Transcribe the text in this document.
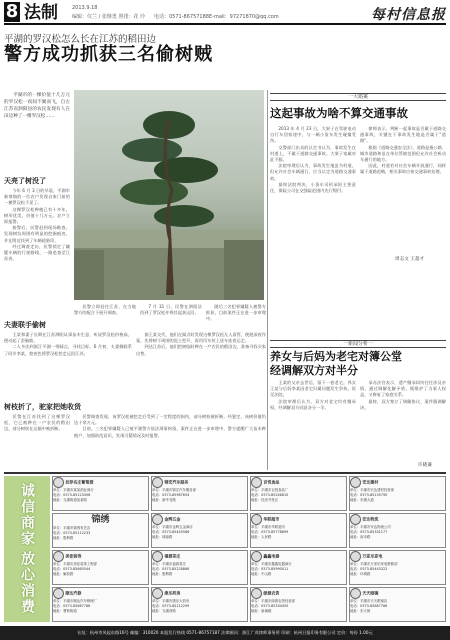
8 法制	2013.9.18
编辑：仪兰 / 张继勇 照排：花 玲 电话：0571-86757188 E-mail：97271870@qq.com	每村信息报
平湖的罗汉松怎么长在江苏的稻田边
警方成功抓获三名偷树贼

平湖市的一棵价值十几万元的罗汉松一夜间不翼而飞，自古江苏省泗阳县的农民发现有人在田边种了一棵罗汉松……

天亮了树没了

今年 6 月 3 日的早晨，平湖市新埭镇的一位农户发现自家门前的一棵罗汉松不见了。

这棵罗汉松种植已有十多年，树形优美，价值十几万元。农户立即报警。

接警后，民警赶到现场勘查，发现树坑周围有明显的挖掘痕迹，并在附近找到了车辆轮胎印。

经过调查走访，民警锁定了嫌疑车辆的行驶路线，一路追查至江苏省。

夫妻联手偷树

王某和妻子长期在江苏泗阳从事苗木生意，听说罗汉松价格高，便动起了歪脑筋。

二人多次到浙江平湖一带踩点，寻找目标。6 月初，夫妻俩联系了同乡李某，趁夜色将罗汉松挖走运回江苏。

树枝折了，驼家把她收货

民警在江苏找到了这棵罗汉松，它已被种在一户农民的稻田边，部分树枝在运输中被折断。

民警立即赶往江苏，在当地警方的配合下展开调查。

7 月 31 日，民警在泗阳县找到了罗汉松并将其起获运回。

随后三名犯罪嫌疑人被警方抓获，目前案件正在进一步审理中。

据王某交代，他们在踩点时发现这棵罗汉松无人看管，便趁深夜作案，先将树干周围的泥土挖开，再用吊车装上货车连夜运走。

到达江苏后，他们把树临时种在一户农民的稻田边，准备寻找买家出售。

民警调查发现，该罗汉松被挖走后受到了一定程度的损伤，部分树枝被折断。经鉴定，该树价值仍达十余万元。

目前，三名犯罪嫌疑人已被平湖警方依法刑事拘留，案件正在进一步审理中。警方提醒广大苗木种植户，加强防范意识，发现可疑情况及时报警。

一大婚案
这起事故为啥不算交通事故

2013 年 4 月 23 日，大果子在驾驶电动自行车回家途中，与一辆小货车发生碰撞受伤。

交警部门出具的认定书认为，事故发生在村道上，不属于道路交通事故。大果子家属对此不服。

法院审理后认为，事故发生地虽为村道，但允许社会车辆通行，应当认定为道路交通事故。

最终法院判决，小货车司机承担主要责任，保险公司在交强险范围内先行赔付。

律师表示，判断一起事故是否属于道路交通事故，关键在于事故发生地是否属于"道路"。

根据《道路交通安全法》，道路是指公路、城市道路和虽在单位管辖范围但允许社会机动车通行的地方。

因此，村道若对社会车辆开放通行，同样属于道路范畴，相关事故应按交通事故处理。

周志文 王超才
一新闻分析一
养女与后妈为老宅对簿公堂
经调解双方对半分

王某的父亲去世后，留下一套老宅。养女王某与后妈李某因老宅归属问题发生争执，诉至法院。

法院审理后认为，双方对老宅均有继承权，经调解双方同意各分一半。

承办法官表示，遗产继承纠纷往往涉及亲情，通过调解化解矛盾，既维护了当事人权益，又修复了家庭关系。

最终，双方签订了调解协议，案件圆满解决。

许晓谦
诚信商家
放心消费
拉菲名庄葡萄酒
单位：平湖市某某酒业商行
电话：0573-85123456
地址：当湖街道某某路
锦宏汽车服务
单位：平湖市锦宏汽车服务部
电话：0573-85987654
地址：新华北路
百悦食品
单位：平湖市百悦食品厂
电话：0573-85246810
地址：经济开发区
宏达建材
单位：平湖市宏达建材经营部
电话：0573-85135790
地址：东湖大道
锦绣
单位：平湖市锦绣布艺店
电话：0573-85112233
地址：胜利路
金辉五金
单位：平湖市金辉五金商店
电话：0573-85445566
地址：城南路
华联超市
单位：平湖市华联超市
电话：0573-85778899
地址：人民路
安达物流
单位：平湖市安达物流公司
电话：0573-85331177
地址：南市路
美佳装饰
单位：平湖市美佳装饰工程部
电话：0573-85665544
地址：解放路
福源茶庄
单位：平湖市福源茶庄
电话：0573-85228866
地址：胜利路
鑫鑫电器
单位：平湖市鑫鑫电器商行
电话：0573-85990011
地址：中山路
万家乐家电
单位：平湖市万家乐家电维修部
电话：0573-85443322
地址：环城路
顺达汽修
单位：平湖市顺达汽车修理厂
电话：0573-85667788
地址：曹桥街道
康乐药房
单位：平湖市康乐大药房
电话：0573-85112299
地址：当湖西路
绿源农资
单位：平湖市绿源农资经营部
电话：0573-85334455
地址：新埭镇
天天眼镜
单位：平湖市天天眼镜店
电话：0573-85887766
地址：东大街
社址：杭州市凤起东路16号 邮编：310020 本报发行热线 0571-86757187 法律顾问：浙江广茂律师事务所 印刷：杭州日报印务有限公司 定价：每份 1.00元
